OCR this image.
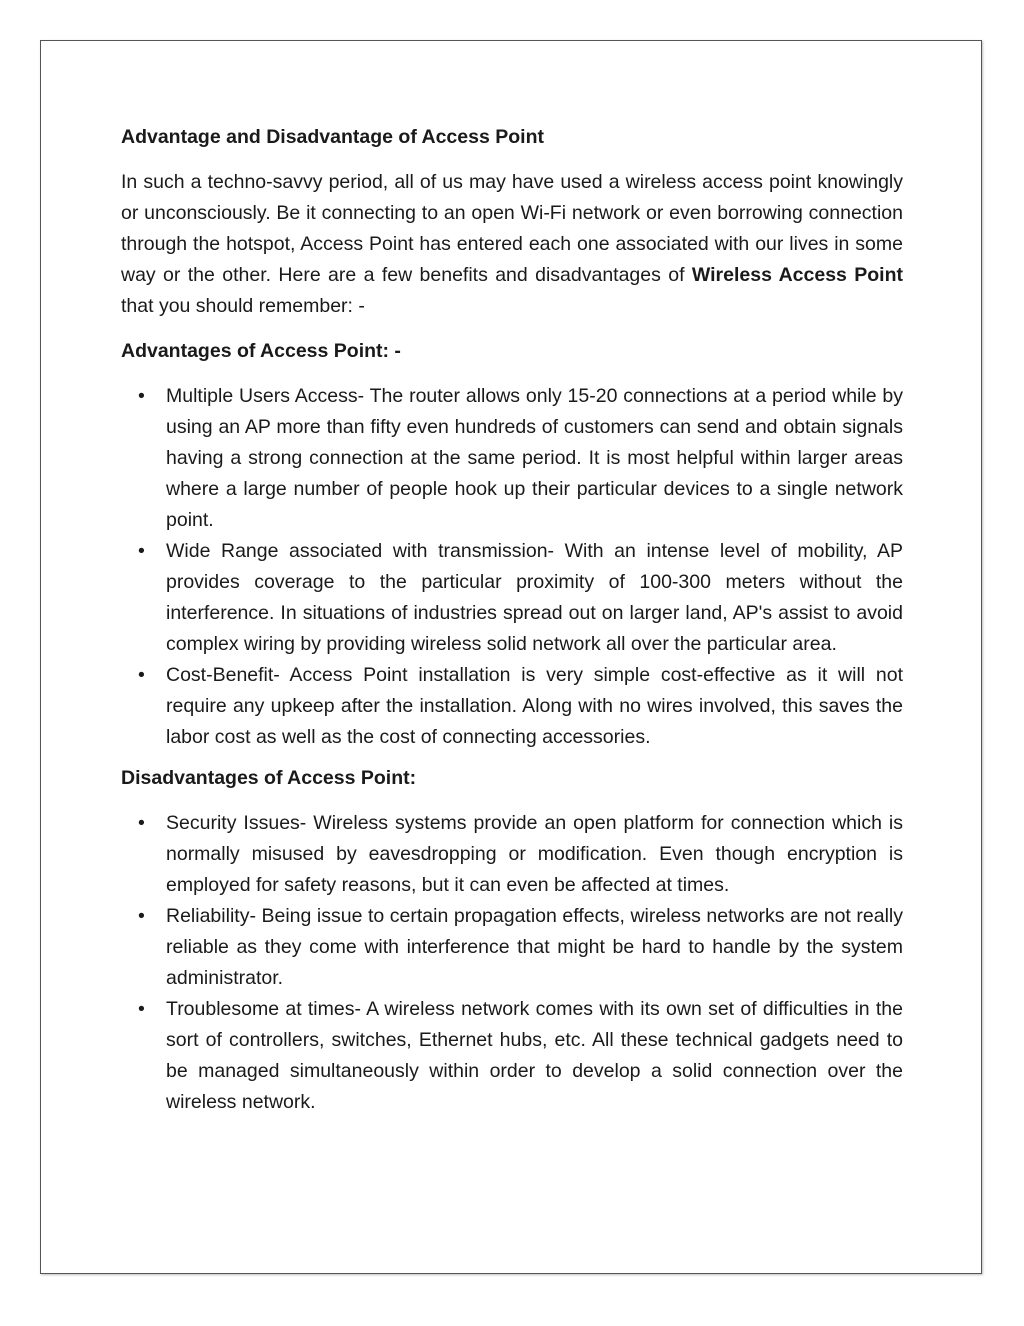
Advantage and Disadvantage of Access Point
In such a techno-savvy period, all of us may have used a wireless access point knowingly or unconsciously. Be it connecting to an open Wi-Fi network or even borrowing connection through the hotspot, Access Point has entered each one associated with our lives in some way or the other. Here are a few benefits and disadvantages of Wireless Access Point that you should remember: -
Advantages of Access Point: -
• Multiple Users Access- The router allows only 15-20 connections at a period while by using an AP more than fifty even hundreds of customers can send and obtain signals having a strong connection at the same period. It is most helpful within larger areas where a large number of people hook up their particular devices to a single network point.
• Wide Range associated with transmission- With an intense level of mobility, AP provides coverage to the particular proximity of 100-300 meters without the interference. In situations of industries spread out on larger land, AP's assist to avoid complex wiring by providing wireless solid network all over the particular area.
• Cost-Benefit- Access Point installation is very simple cost-effective as it will not require any upkeep after the installation. Along with no wires involved, this saves the labor cost as well as the cost of connecting accessories.
Disadvantages of Access Point:
• Security Issues- Wireless systems provide an open platform for connection which is normally misused by eavesdropping or modification. Even though encryption is employed for safety reasons, but it can even be affected at times.
• Reliability- Being issue to certain propagation effects, wireless networks are not really reliable as they come with interference that might be hard to handle by the system administrator.
• Troublesome at times- A wireless network comes with its own set of difficulties in the sort of controllers, switches, Ethernet hubs, etc. All these technical gadgets need to be managed simultaneously within order to develop a solid connection over the wireless network.
